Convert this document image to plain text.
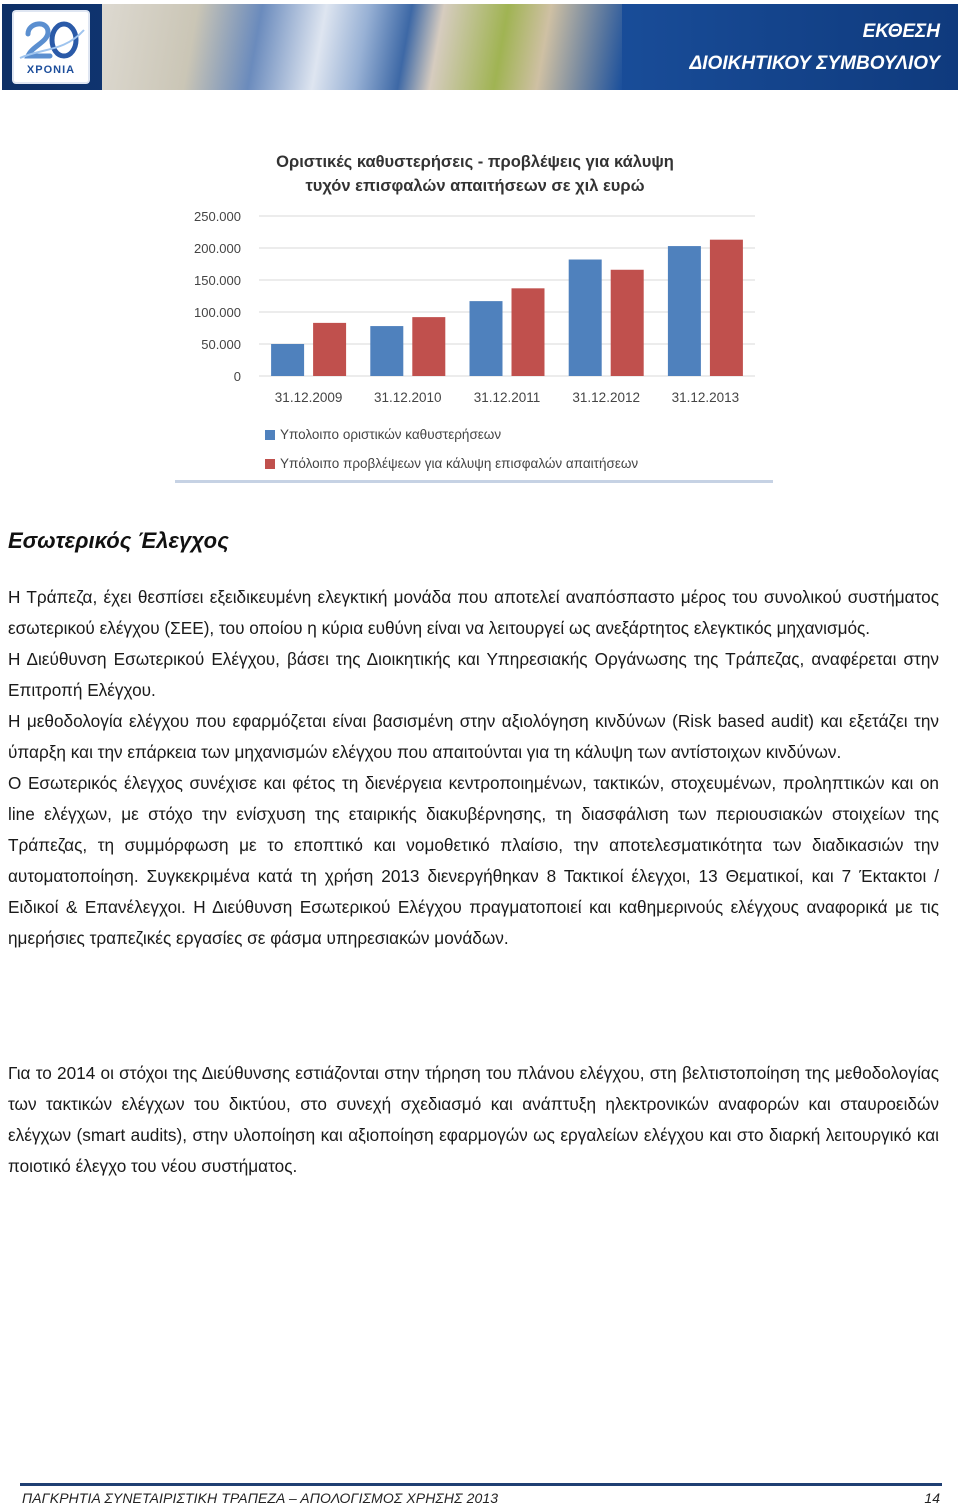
ΧΡΟΝΙΑ
ΕΚΘΕΣΗ
ΔΙΟΙΚΗΤΙΚΟΥ ΣΥΜΒΟΥΛΙΟΥ
Οριστικές καθυστερήσεις - προβλέψεις για κάλυψη
τυχόν επισφαλών απαιτήσεων σε χιλ ευρώ
0
50.000
100.000
150.000
200.000
250.000
31.12.2009 31.12.2010 31.12.2011 31.12.2012 31.12.2013
Υπολοιπο οριστικών καθυστερήσεων
Υπόλοιπο προβλέψεων για κάλυψη επισφαλών απαιτήσεων
Εσωτερικός Έλεγχος

Η Τράπεζα, έχει θεσπίσει εξειδικευμένη ελεγκτική μονάδα που αποτελεί αναπόσπαστο μέρος του συνολικού συστήματος εσωτερικού ελέγχου (ΣΕΕ), του οποίου η κύρια ευθύνη είναι να λειτουργεί ως ανεξάρτητος ελεγκτικός μηχανισμός.

Η Διεύθυνση Εσωτερικού Ελέγχου, βάσει της Διοικητικής και Υπηρεσιακής Οργάνωσης της Τράπεζας, αναφέρεται στην Επιτροπή Ελέγχου.

Η μεθοδολογία ελέγχου που εφαρμόζεται είναι βασισμένη στην αξιολόγηση κινδύνων (Risk based audit) και εξετάζει την ύπαρξη και την επάρκεια των μηχανισμών ελέγχου που απαιτούνται για τη κάλυψη των αντίστοιχων κινδύνων.

Ο Εσωτερικός έλεγχος συνέχισε και φέτος τη διενέργεια κεντροποιημένων, τακτικών, στοχευμένων, προληπτικών και on line ελέγχων, με στόχο την ενίσχυση της εταιρικής διακυβέρνησης, τη διασφάλιση των περιουσιακών στοιχείων της Τράπεζας, τη συμμόρφωση με το εποπτικό και νομοθετικό πλαίσιο, την αποτελεσματικότητα των διαδικασιών την αυτοματοποίηση. Συγκεκριμένα κατά τη χρήση 2013 διενεργήθηκαν 8 Τακτικοί έλεγχοι, 13 Θεματικοί, και 7 Έκτακτοι / Ειδικοί & Επανέλεγχοι. Η Διεύθυνση Εσωτερικού Ελέγχου πραγματοποιεί και καθημερινούς ελέγχους αναφορικά με τις ημερήσιες τραπεζικές εργασίες σε φάσμα υπηρεσιακών μονάδων.

Για το 2014 οι στόχοι της Διεύθυνσης εστιάζονται στην τήρηση του πλάνου ελέγχου, στη βελτιστοποίηση της μεθοδολογίας των τακτικών ελέγχων του δικτύου, στο συνεχή σχεδιασμό και ανάπτυξη ηλεκτρονικών αναφορών και σταυροειδών ελέγχων (smart audits), στην υλοποίηση και αξιοποίηση εφαρμογών ως εργαλείων ελέγχου και στο διαρκή λειτουργικό και ποιοτικό έλεγχο του νέου συστήματος.

ΠΑΓΚΡΗΤΙΑ ΣΥΝΕΤΑΙΡΙΣΤΙΚΗ ΤΡΑΠΕΖΑ – ΑΠΟΛΟΓΙΣΜΟΣ ΧΡΗΣΗΣ 2013	14
